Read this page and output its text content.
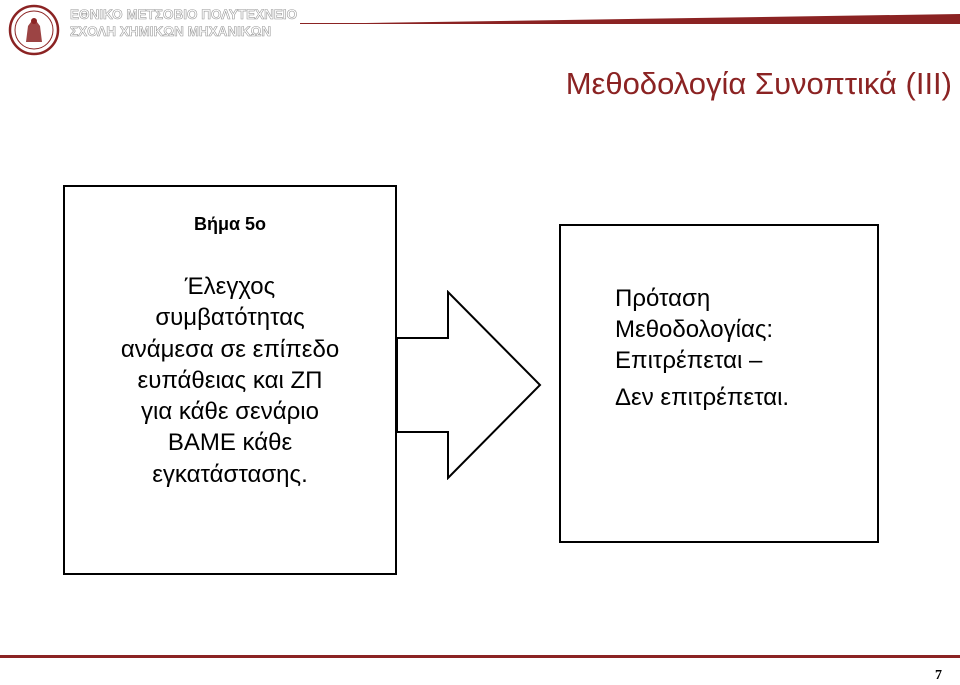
ΕΘΝΙΚΟ ΜΕΤΣΟΒΙΟ ΠΟΛΥΤΕΧΝΕΙΟ
ΣΧΟΛΗ ΧΗΜΙΚΩΝ ΜΗΧΑΝΙΚΩΝ
Μεθοδολογία Συνοπτικά (ΙΙΙ)
Βήμα 5ο
Έλεγχος
συμβατότητας
ανάμεσα σε επίπεδο
ευπάθειας και ΖΠ
για κάθε σενάριο
ΒΑΜΕ κάθε
εγκατάστασης.
Πρόταση
Μεθοδολογίας:
Επιτρέπεται –
Δεν επιτρέπεται.
7
